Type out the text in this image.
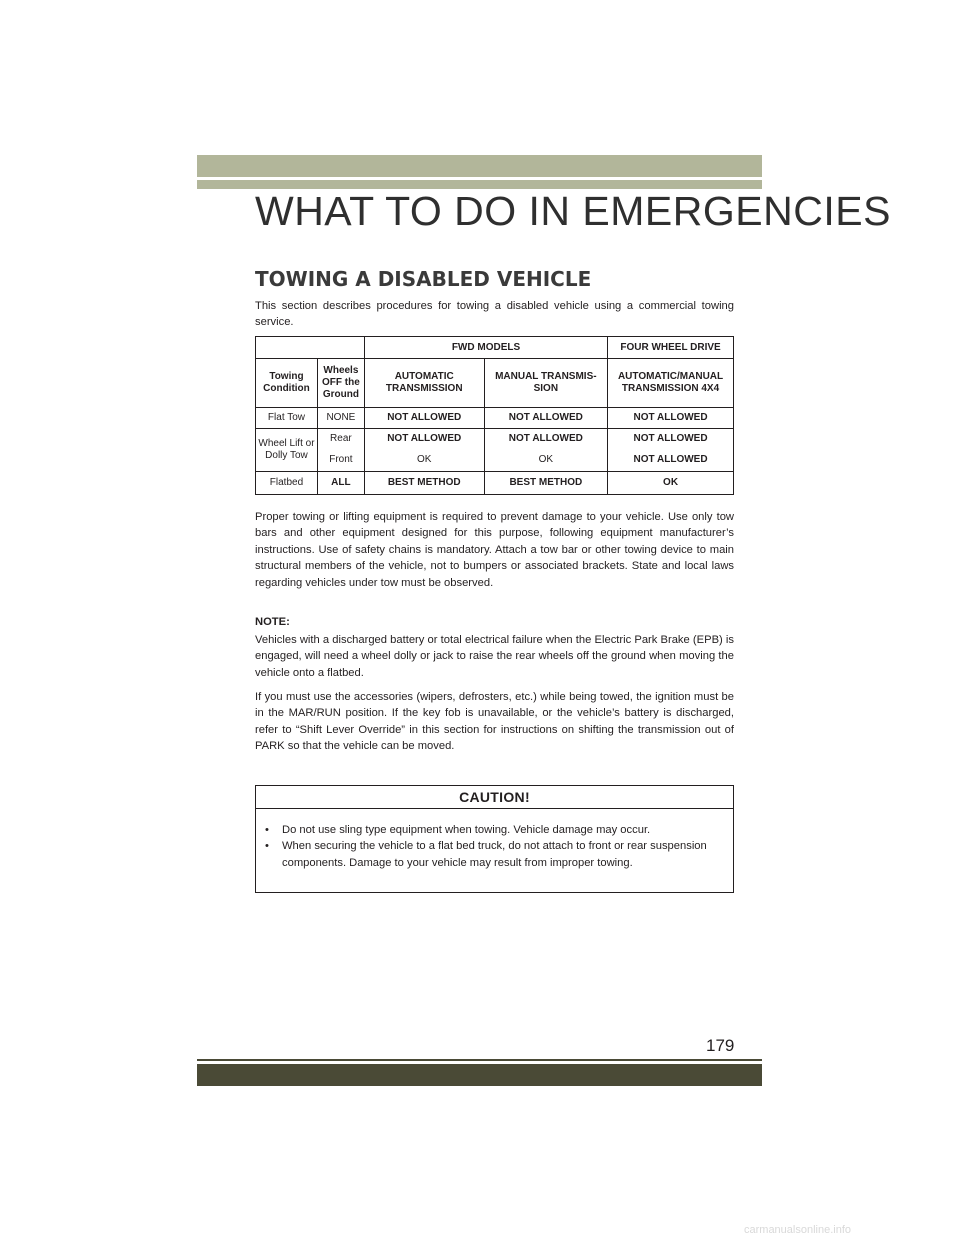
WHAT TO DO IN EMERGENCIES
TOWING A DISABLED VEHICLE
This section describes procedures for towing a disabled vehicle using a commercial towing service.
		FWD MODELS		FOUR WHEEL DRIVE
Towing Condition	Wheels OFF the Ground	AUTOMATIC TRANSMISSION	MANUAL TRANSMIS- SION	AUTOMATIC/MANUAL TRANSMISSION 4X4
Flat Tow	NONE	NOT ALLOWED	NOT ALLOWED	NOT ALLOWED
Wheel Lift or Dolly Tow	Rear	NOT ALLOWED	NOT ALLOWED	NOT ALLOWED
	Front	OK	OK	NOT ALLOWED
Flatbed	ALL	BEST METHOD	BEST METHOD	OK
Proper towing or lifting equipment is required to prevent damage to your vehicle. Use only tow bars and other equipment designed for this purpose, following equipment manufacturer’s instructions. Use of safety chains is mandatory. Attach a tow bar or other towing device to main structural members of the vehicle, not to bumpers or associated brackets. State and local laws regarding vehicles under tow must be observed.
NOTE:
Vehicles with a discharged battery or total electrical failure when the Electric Park Brake (EPB) is engaged, will need a wheel dolly or jack to raise the rear wheels off the ground when moving the vehicle onto a flatbed.
If you must use the accessories (wipers, defrosters, etc.) while being towed, the ignition must be in the MAR/RUN position. If the key fob is unavailable, or the vehicle’s battery is discharged, refer to “Shift Lever Override” in this section for instructions on shifting the transmission out of PARK so that the vehicle can be moved.
CAUTION!
• Do not use sling type equipment when towing. Vehicle damage may occur.
• When securing the vehicle to a flat bed truck, do not attach to front or rear suspension components. Damage to your vehicle may result from improper towing.
179
carmanualsonline.info
